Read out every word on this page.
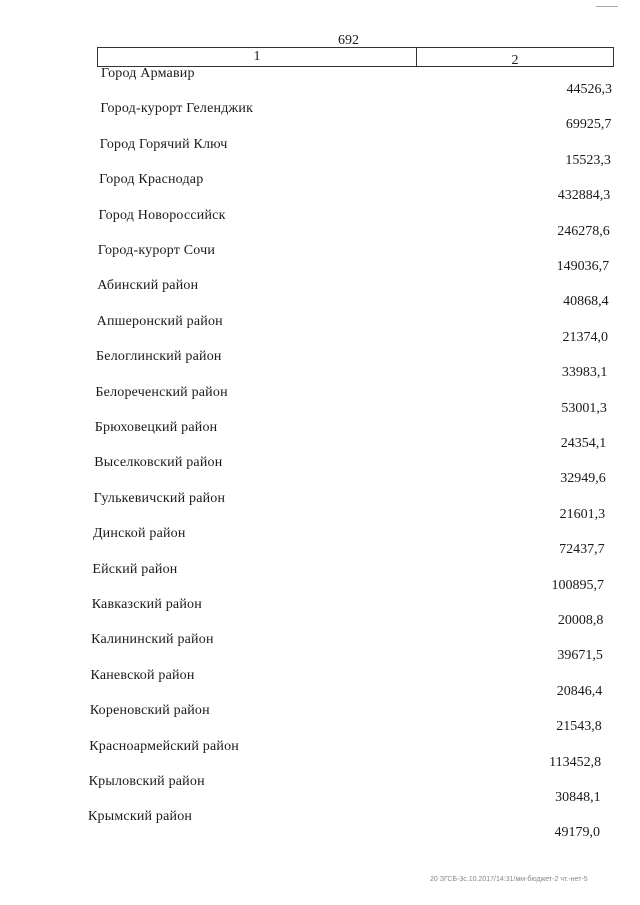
692
1	2
Город Армавир
44526,3
Город-курорт Геленджик
69925,7
Город Горячий Ключ
15523,3
Город Краснодар
432884,3
Город Новороссийск
246278,6
Город-курорт Сочи
149036,7
Абинский район
40868,4
Апшеронский район
21374,0
Белоглинский район
33983,1
Белореченский район
53001,3
Брюховецкий район
24354,1
Выселковский район
32949,6
Гулькевичский район
21601,3
Динской район
72437,7
Ейский район
100895,7
Кавказский район
20008,8
Калининский район
39671,5
Каневской район
20846,4
Кореновский район
21543,8
Красноармейский район
113452,8
Крыловский район
30848,1
Крымский район
49179,0
20 ЗГСБ-3с.10.2017/14:31/мм-бюджет-2 чт.-нет-5
